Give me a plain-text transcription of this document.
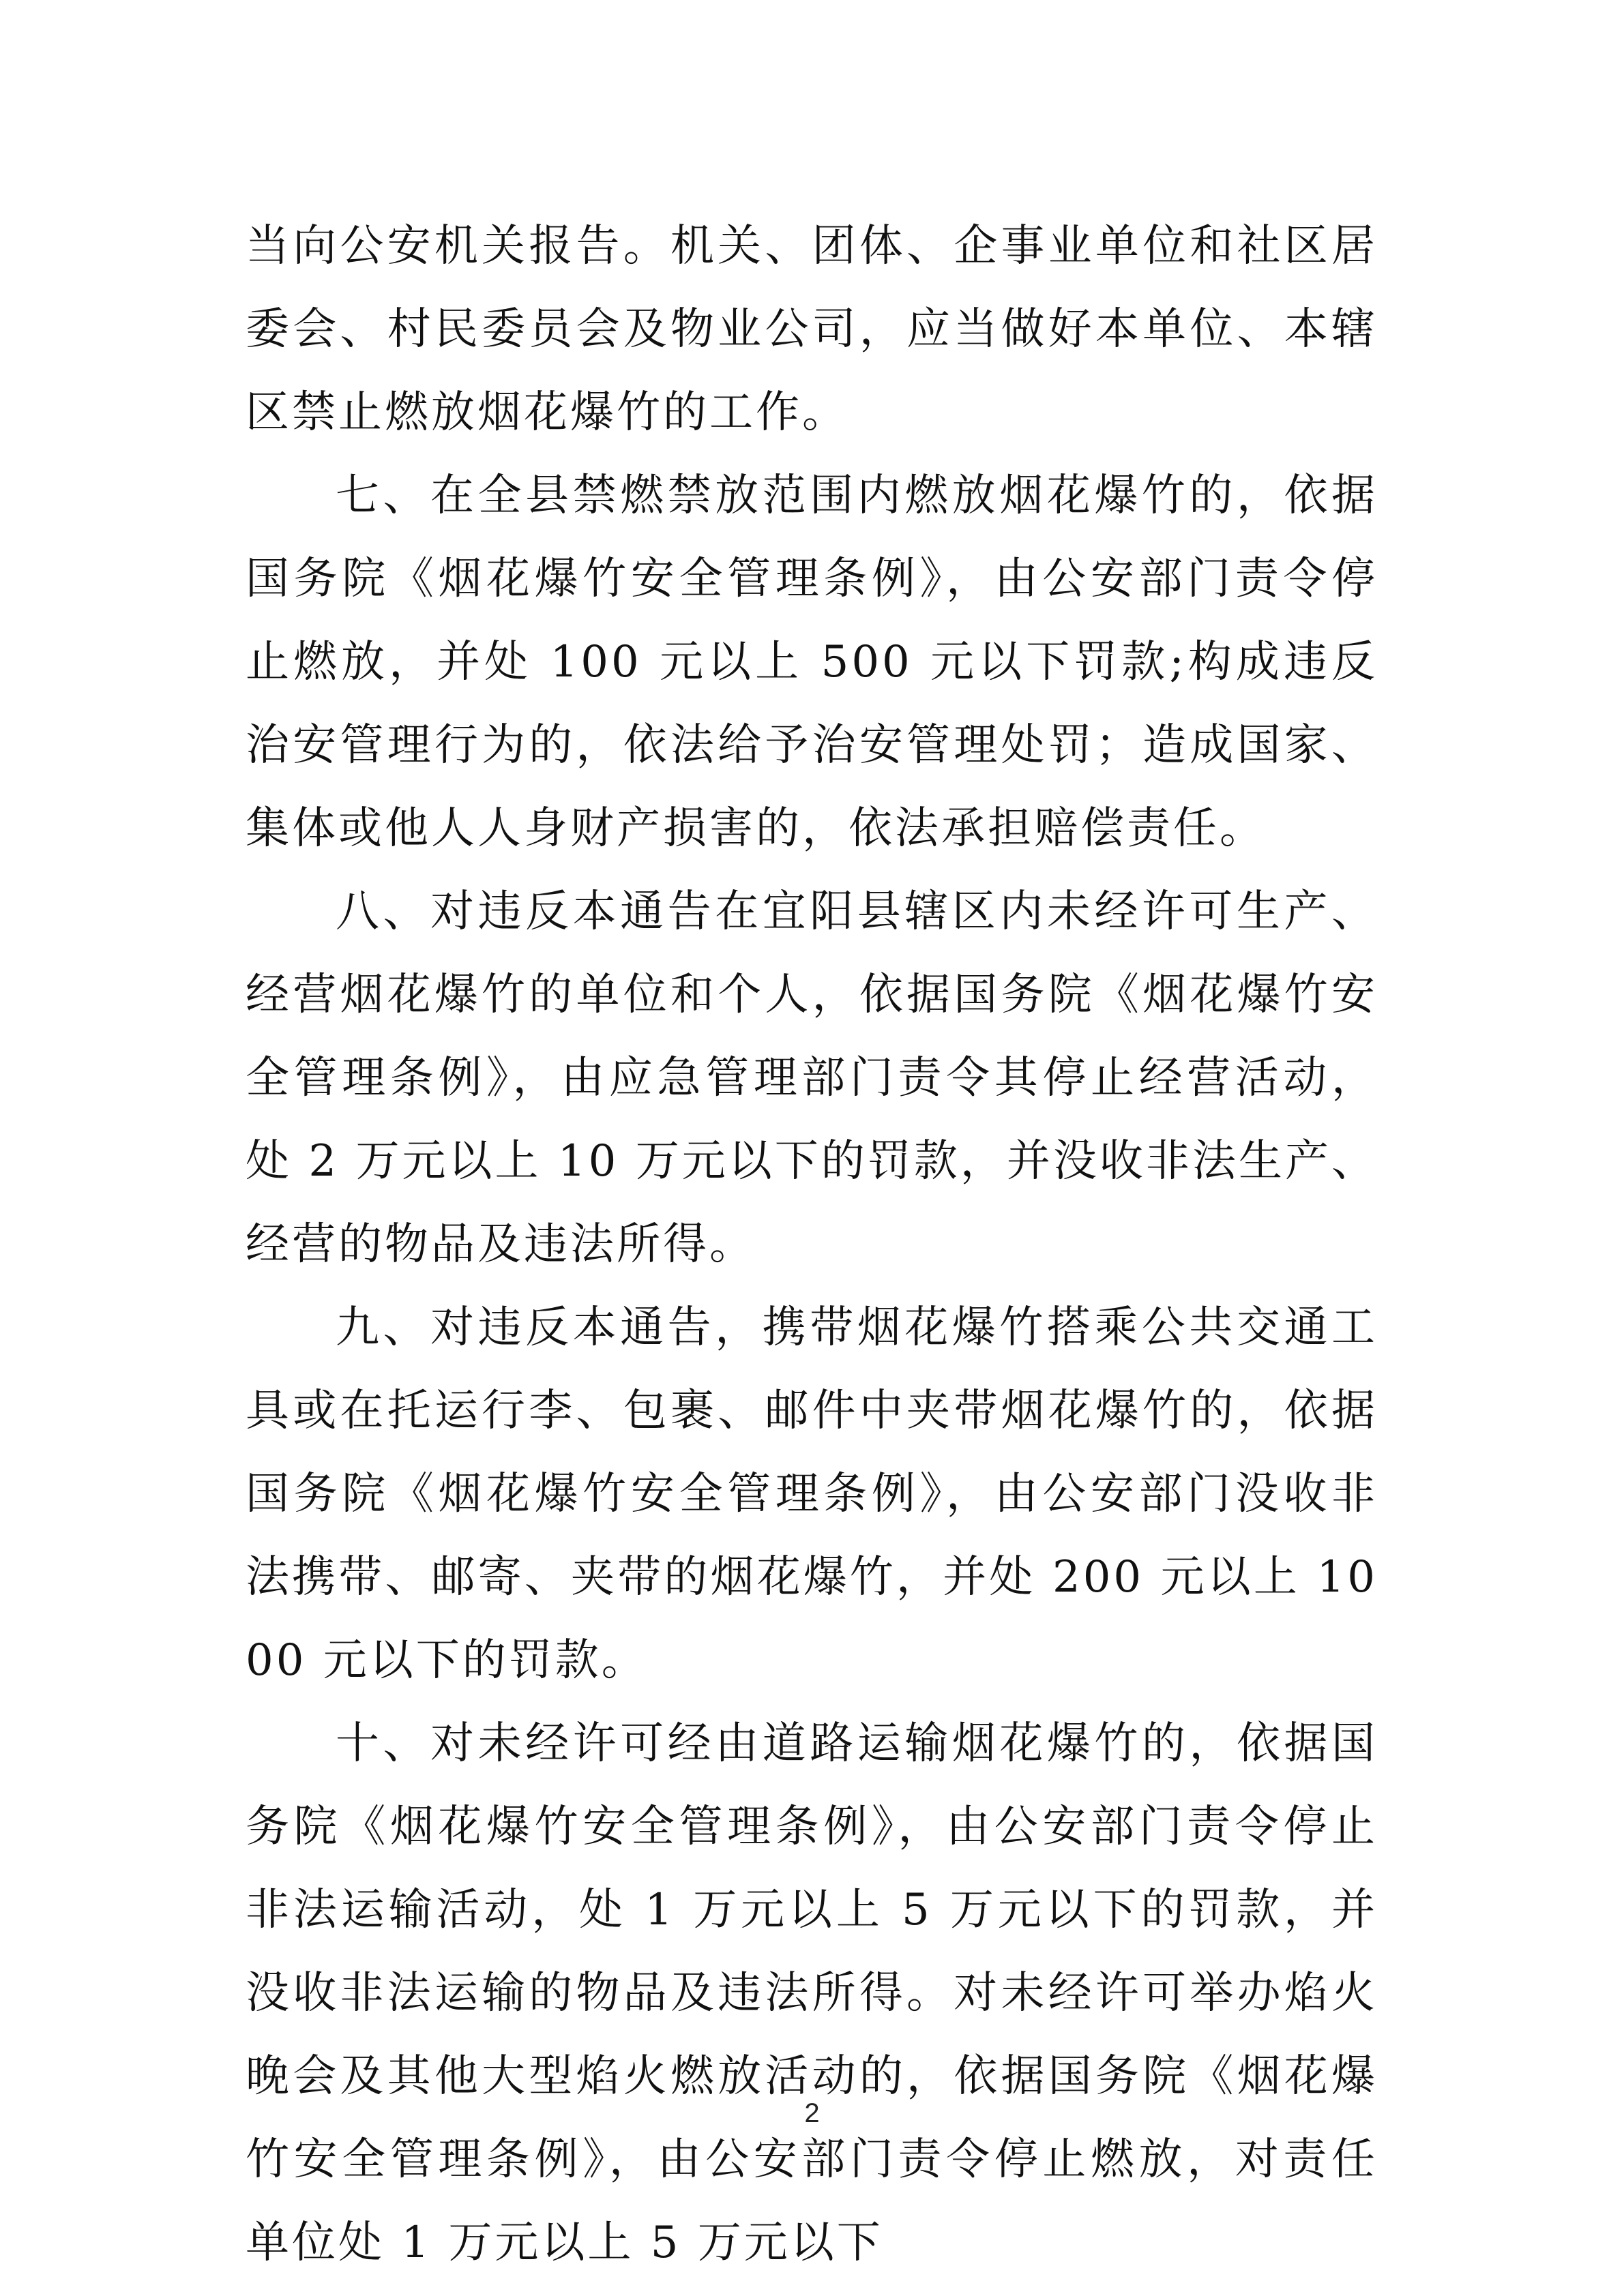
当向公安机关报告。机关、团体、企事业单位和社区居委会、村民委员会及物业公司，应当做好本单位、本辖区禁止燃放烟花爆竹的工作。

七、在全县禁燃禁放范围内燃放烟花爆竹的，依据国务院《烟花爆竹安全管理条例》，由公安部门责令停止燃放，并处 100 元以上 500 元以下罚款;构成违反治安管理行为的，依法给予治安管理处罚；造成国家、集体或他人人身财产损害的，依法承担赔偿责任。

八、对违反本通告在宜阳县辖区内未经许可生产、经营烟花爆竹的单位和个人，依据国务院《烟花爆竹安全管理条例》，由应急管理部门责令其停止经营活动，处 2 万元以上 10 万元以下的罚款，并没收非法生产、经营的物品及违法所得。

九、对违反本通告，携带烟花爆竹搭乘公共交通工具或在托运行李、包裹、邮件中夹带烟花爆竹的，依据国务院《烟花爆竹安全管理条例》，由公安部门没收非法携带、邮寄、夹带的烟花爆竹，并处 200 元以上 1000 元以下的罚款。

十、对未经许可经由道路运输烟花爆竹的，依据国务院《烟花爆竹安全管理条例》，由公安部门责令停止非法运输活动，处 1 万元以上 5 万元以下的罚款，并没收非法运输的物品及违法所得。对未经许可举办焰火晚会及其他大型焰火燃放活动的，依据国务院《烟花爆竹安全管理条例》，由公安部门责令停止燃放，对责任单位处 1 万元以上 5 万元以下

2
